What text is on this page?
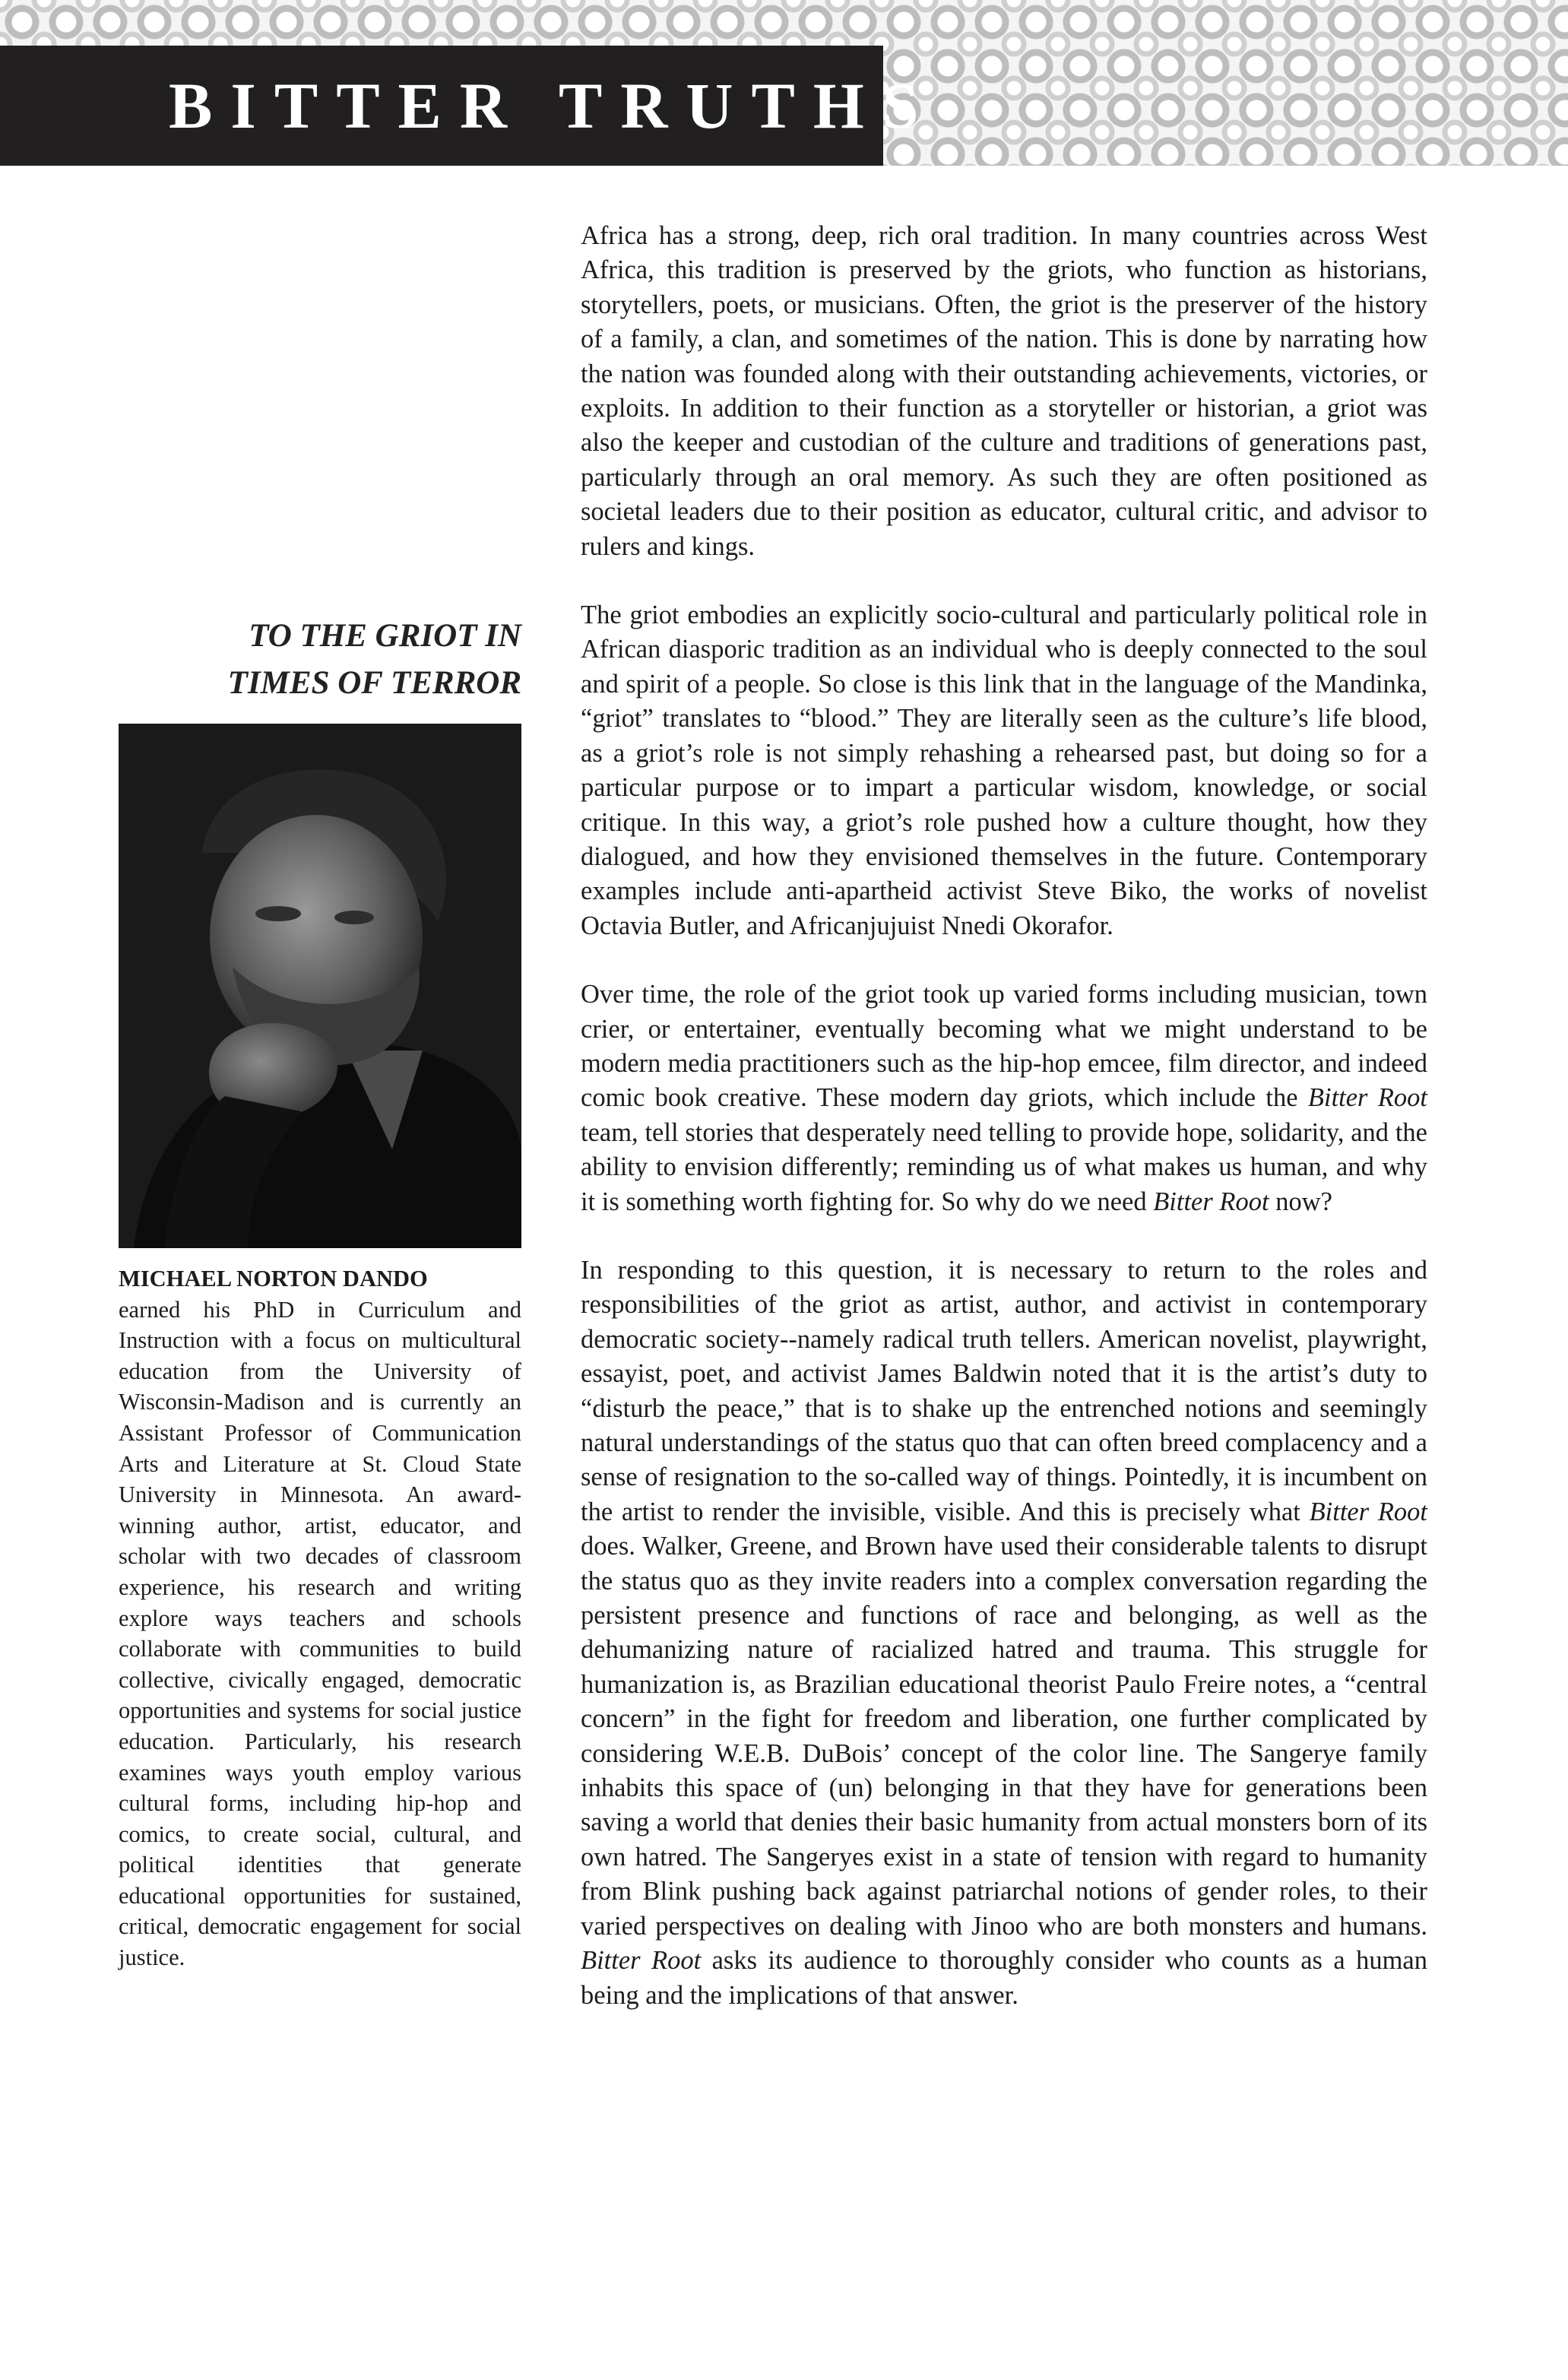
BITTER TRUTHS
TO THE GRIOT IN
TIMES OF TERROR

MICHAEL NORTON DANDO

earned his PhD in Curriculum and Instruction with a focus on multicultural education from the University of Wisconsin-Madison and is currently an Assistant Professor of Communication Arts and Literature at St. Cloud State University in Minnesota. An award-winning author, artist, educator, and scholar with two decades of classroom experience, his research and writing explore ways teachers and schools collaborate with communities to build collective, civically engaged, democratic opportunities and systems for social justice education. Particularly, his research examines ways youth employ various cultural forms, including hip-hop and comics, to create social, cultural, and political identities that generate educational opportunities for sustained, critical, democratic engagement for social justice.

Africa has a strong, deep, rich oral tradition. In many countries across West Africa, this tradition is preserved by the griots, who function as historians, storytellers, poets, or musicians. Often, the griot is the preserver of the history of a family, a clan, and sometimes of the nation. This is done by narrating how the nation was founded along with their outstanding achievements, victories, or exploits. In addition to their function as a storyteller or historian, a griot was also the keeper and custodian of the culture and traditions of generations past, particularly through an oral memory. As such they are often positioned as societal leaders due to their position as educator, cultural critic, and advisor to rulers and kings.

The griot embodies an explicitly socio-cultural and particularly political role in African diasporic tradition as an individual who is deeply connected to the soul and spirit of a people. So close is this link that in the language of the Mandinka, “griot” translates to “blood.” They are literally seen as the culture’s life blood, as a griot’s role is not simply rehashing a rehearsed past, but doing so for a particular purpose or to impart a particular wisdom, knowledge, or social critique. In this way, a griot’s role pushed how a culture thought, how they dialogued, and how they envisioned themselves in the future. Contemporary examples include anti-apartheid activist Steve Biko, the works of novelist Octavia Butler, and Africanjujuist Nnedi Okorafor.

Over time, the role of the griot took up varied forms including musician, town crier, or entertainer, eventually becoming what we might understand to be modern media practitioners such as the hip-hop emcee, film director, and indeed comic book creative. These modern day griots, which include the Bitter Root team, tell stories that desperately need telling to provide hope, solidarity, and the ability to envision differently; reminding us of what makes us human, and why it is something worth fighting for. So why do we need Bitter Root now?

In responding to this question, it is necessary to return to the roles and responsibilities of the griot as artist, author, and activist in contemporary democratic society--namely radical truth tellers. American novelist, playwright, essayist, poet, and activist James Baldwin noted that it is the artist’s duty to “disturb the peace,” that is to shake up the entrenched notions and seemingly natural understandings of the status quo that can often breed complacency and a sense of resignation to the so-called way of things. Pointedly, it is incumbent on the artist to render the invisible, visible. And this is precisely what Bitter Root does. Walker, Greene, and Brown have used their considerable talents to disrupt the status quo as they invite readers into a complex conversation regarding the persistent presence and functions of race and belonging, as well as the dehumanizing nature of racialized hatred and trauma. This struggle for humanization is, as Brazilian educational theorist Paulo Freire notes, a “central concern” in the fight for freedom and liberation, one further complicated by considering W.E.B. DuBois’ concept of the color line. The Sangerye family inhabits this space of (un) belonging in that they have for generations been saving a world that denies their basic humanity from actual monsters born of its own hatred. The Sangeryes exist in a state of tension with regard to humanity from Blink pushing back against patriarchal notions of gender roles, to their varied perspectives on dealing with Jinoo who are both monsters and humans. Bitter Root asks its audience to thoroughly consider who counts as a human being and the implications of that answer.
